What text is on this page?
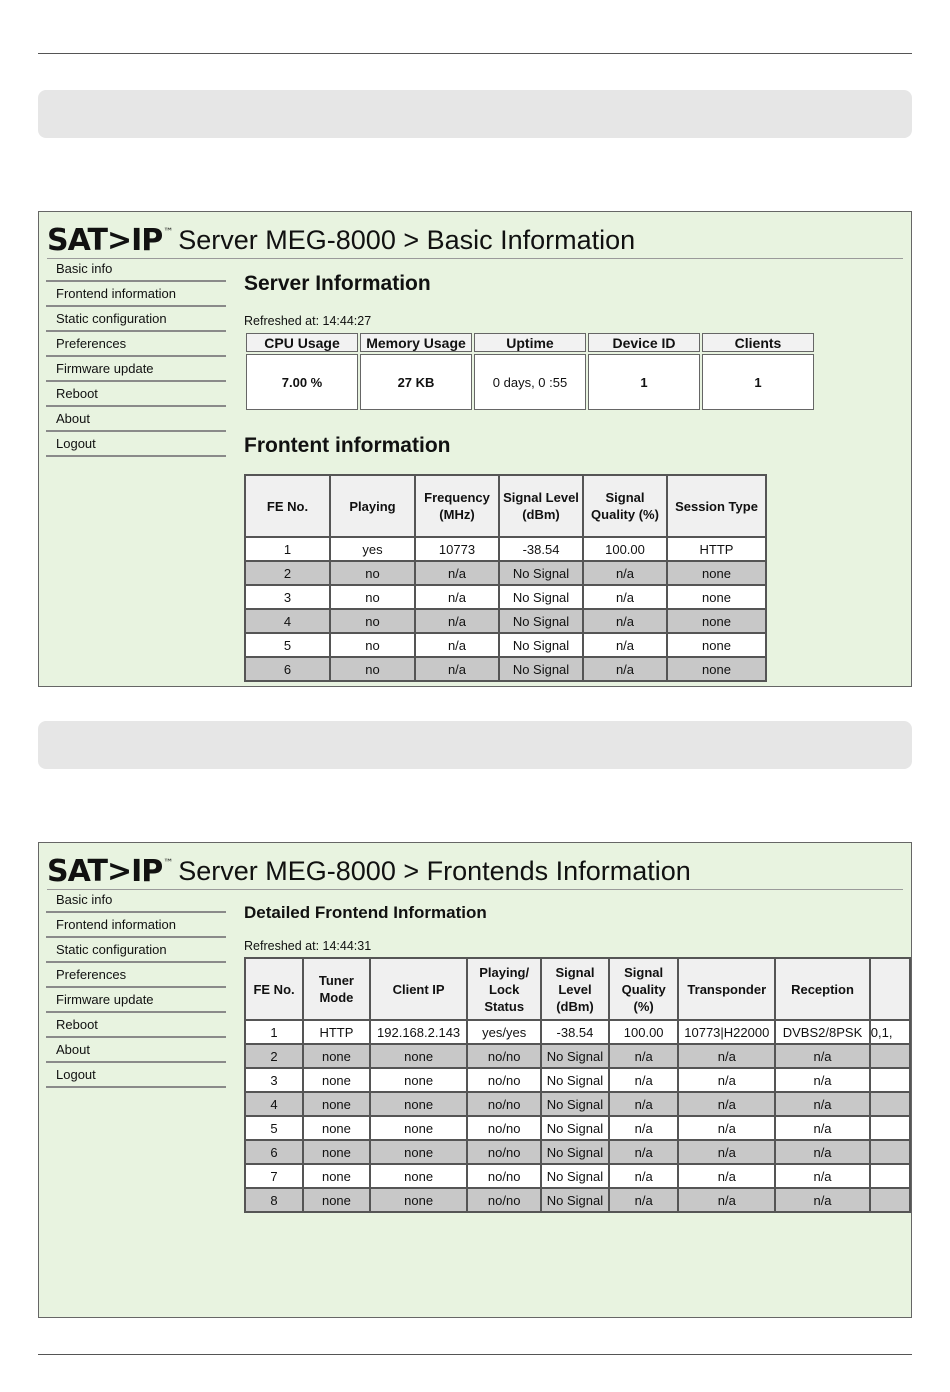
SAT>IP ™ Server MEG-8000 > Basic Information
Basic info
Frontend information
Static configuration
Preferences
Firmware update
Reboot
About
Logout
Server Information
Refreshed at: 14:44:27
CPU Usage	Memory Usage	Uptime	Device ID	Clients
7.00 %	27 KB	0 days, 0 :55	1	1
Frontent information
FE No.	Playing	Frequency (MHz)	Signal Level (dBm)	Signal Quality (%)	Session Type
1	yes	10773	-38.54	100.00	HTTP
2	no	n/a	No Signal	n/a	none
3	no	n/a	No Signal	n/a	none
4	no	n/a	No Signal	n/a	none
5	no	n/a	No Signal	n/a	none
6	no	n/a	No Signal	n/a	none
SAT>IP ™ Server MEG-8000 > Frontends Information
Basic info
Frontend information
Static configuration
Preferences
Firmware update
Reboot
About
Logout
Detailed Frontend Information
Refreshed at: 14:44:31
FE No.	Tuner Mode	Client IP	Playing/ Lock Status	Signal Level (dBm)	Signal Quality (%)	Transponder	Reception	
1	HTTP	192.168.2.143	yes/yes	-38.54	100.00	10773|H22000	DVBS2/8PSK	0,1,
2	none	none	no/no	No Signal	n/a	n/a	n/a	
3	none	none	no/no	No Signal	n/a	n/a	n/a	
4	none	none	no/no	No Signal	n/a	n/a	n/a	
5	none	none	no/no	No Signal	n/a	n/a	n/a	
6	none	none	no/no	No Signal	n/a	n/a	n/a	
7	none	none	no/no	No Signal	n/a	n/a	n/a	
8	none	none	no/no	No Signal	n/a	n/a	n/a	
